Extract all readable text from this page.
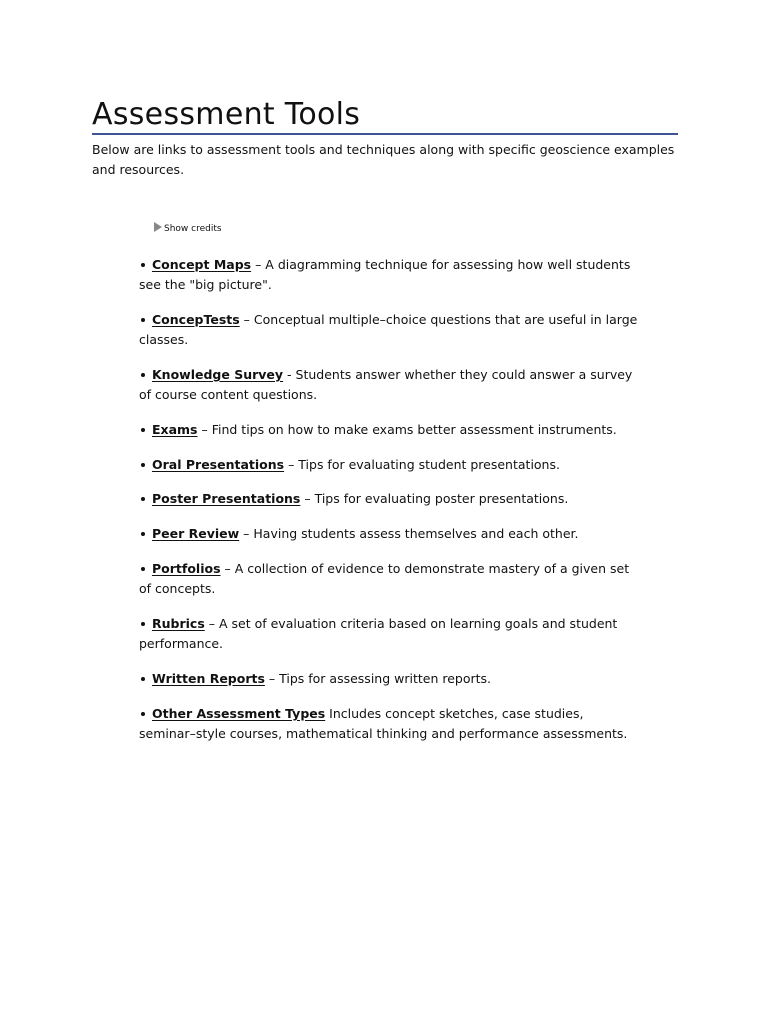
Assessment Tools

Below are links to assessment tools and techniques along with specific geoscience examples and resources.

Show credits
Concept Maps – A diagramming technique for assessing how well students see the "big picture".
ConcepTests – Conceptual multiple–choice questions that are useful in large classes.
Knowledge Survey - Students answer whether they could answer a survey of course content questions.
Exams – Find tips on how to make exams better assessment instruments.
Oral Presentations – Tips for evaluating student presentations.
Poster Presentations – Tips for evaluating poster presentations.
Peer Review – Having students assess themselves and each other.
Portfolios – A collection of evidence to demonstrate mastery of a given set of concepts.
Rubrics – A set of evaluation criteria based on learning goals and student performance.
Written Reports – Tips for assessing written reports.
Other Assessment Types Includes concept sketches, case studies, seminar–style courses, mathematical thinking and performance assessments.
